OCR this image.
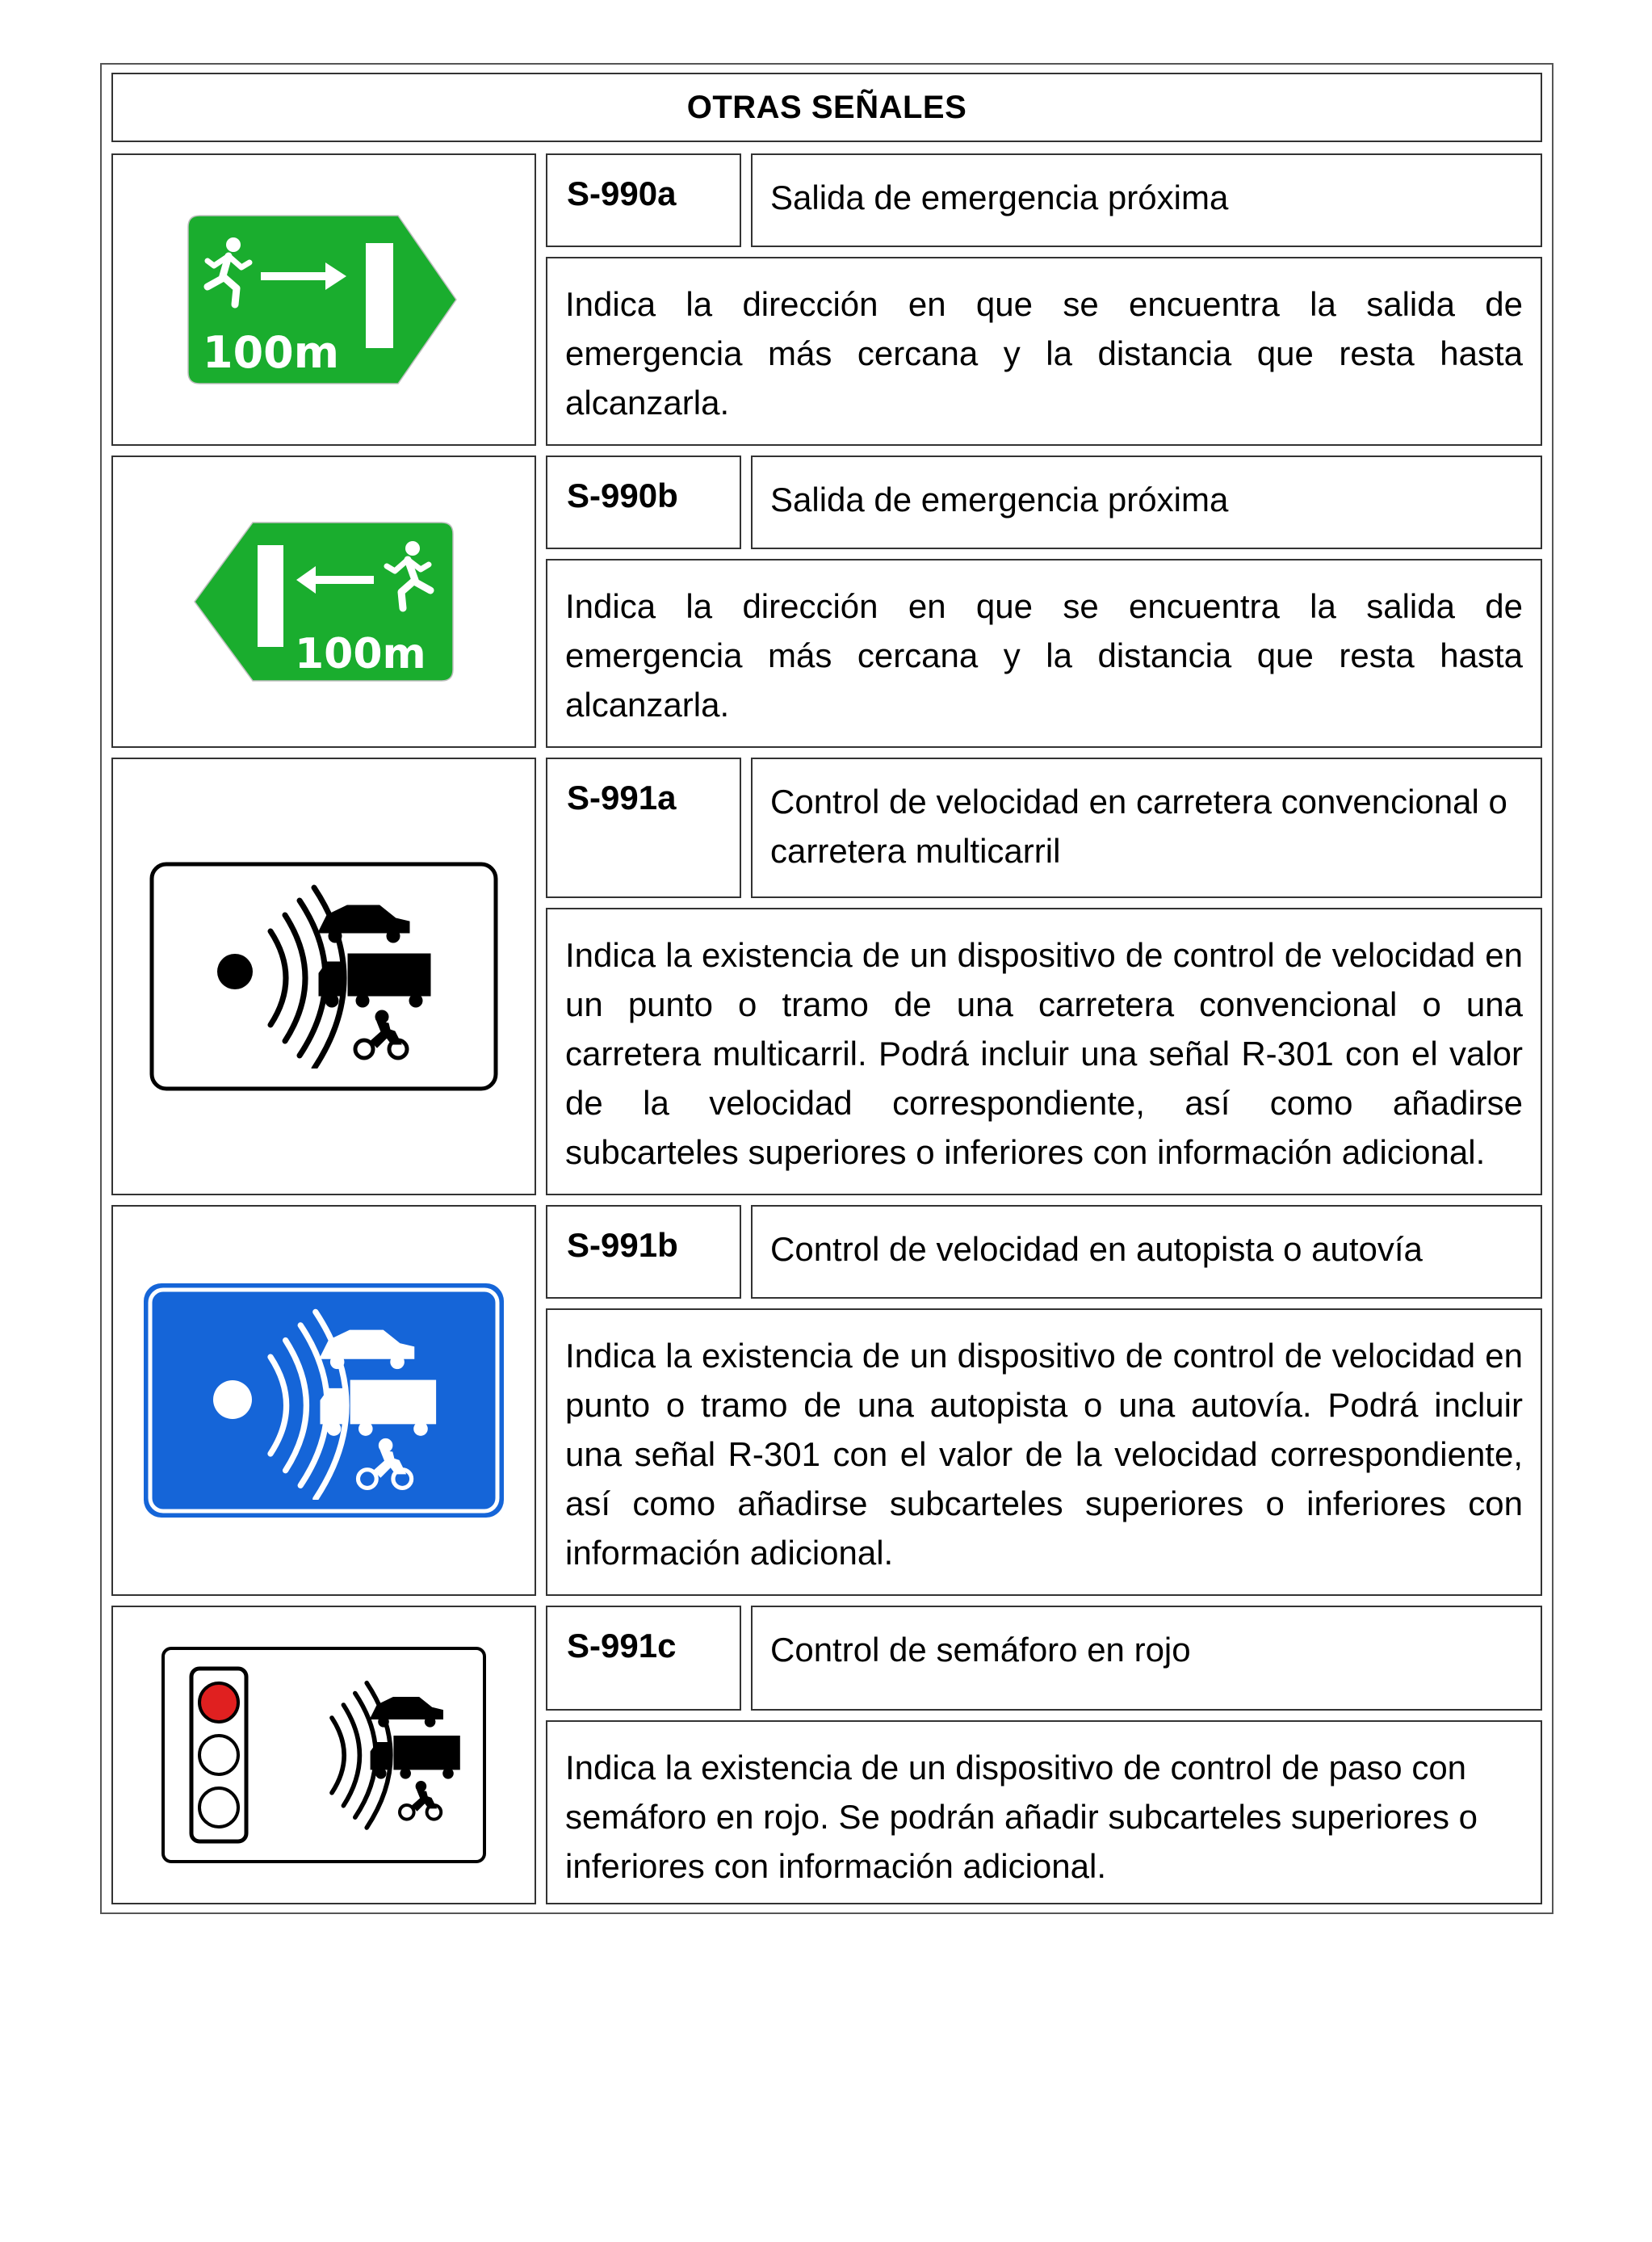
OTRAS SEÑALES
100m
S-990a	Salida de emergencia próxima
Indica la dirección en que se encuentra la salida de emergencia más cercana y la distancia que resta hasta alcanzarla.
100m
S-990b	Salida de emergencia próxima
Indica la dirección en que se encuentra la salida de emergencia más cercana y la distancia que resta hasta alcanzarla.
S-991a	Control de velocidad en carretera convencional o carretera multicarril
Indica la existencia de un dispositivo de control de velocidad en un punto o tramo de una carretera convencional o una carretera multicarril. Podrá incluir una señal R-301 con el valor de la velocidad correspondiente, así como añadirse subcarteles superiores o inferiores con información adicional.
S-991b	Control de velocidad en autopista o autovía
Indica la existencia de un dispositivo de control de velocidad en punto o tramo de una autopista o una autovía. Podrá incluir una señal R-301 con el valor de la velocidad correspondiente, así como añadirse subcarteles superiores o inferiores con información adicional.
S-991c	Control de semáforo en rojo
Indica la existencia de un dispositivo de control de paso con semáforo en rojo. Se podrán añadir subcarteles superiores o inferiores con información adicional.
